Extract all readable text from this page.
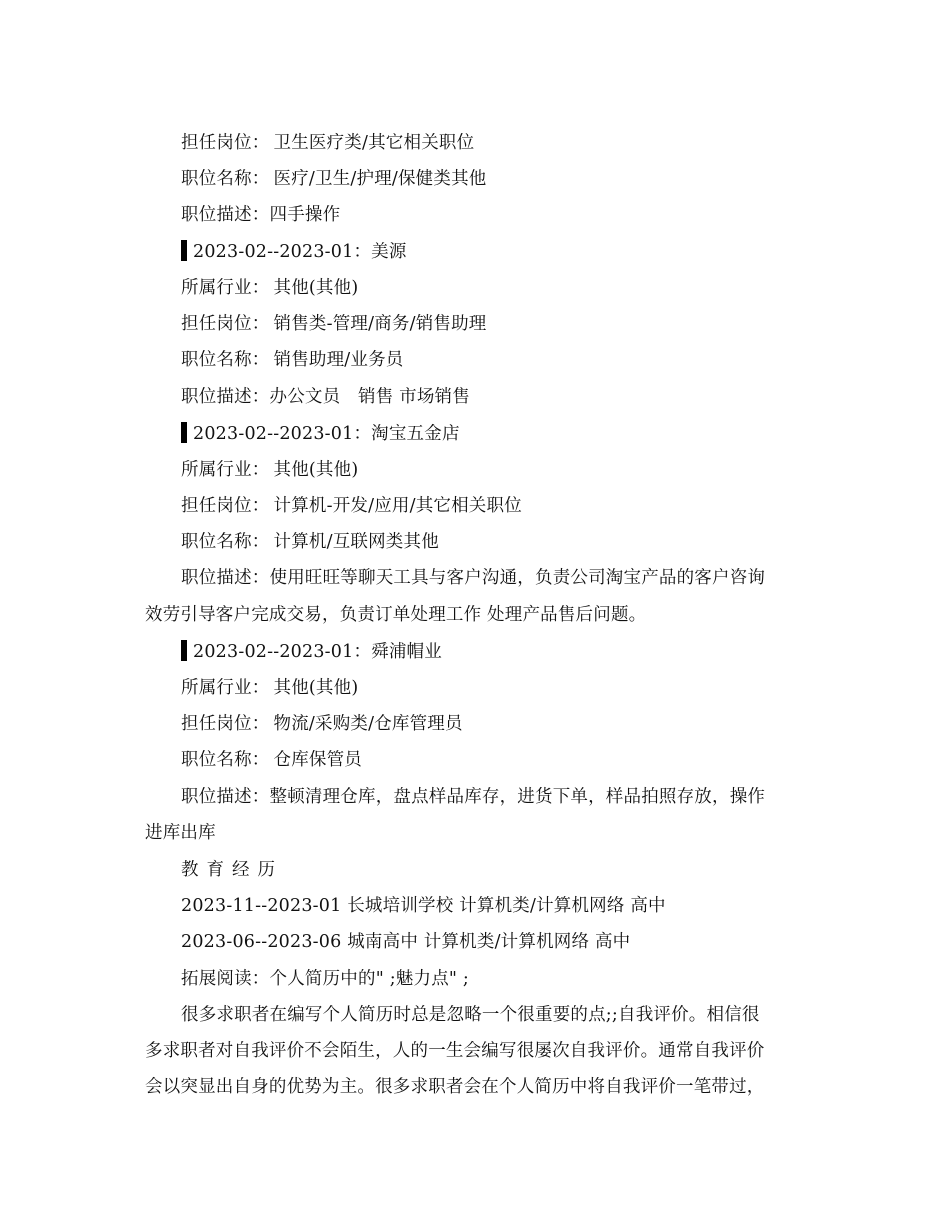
担任岗位： 卫生医疗类/其它相关职位
职位名称： 医疗/卫生/护理/保健类其他
职位描述：四手操作
2023-02--2023-01：美源
所属行业： 其他(其他)
担任岗位： 销售类-管理/商务/销售助理
职位名称： 销售助理/业务员
职位描述：办公文员　销售 市场销售
2023-02--2023-01：淘宝五金店
所属行业： 其他(其他)
担任岗位： 计算机-开发/应用/其它相关职位
职位名称： 计算机/互联网类其他
职位描述：使用旺旺等聊天工具与客户沟通，负责公司淘宝产品的客户咨询
效劳引导客户完成交易，负责订单处理工作 处理产品售后问题。
2023-02--2023-01：舜浦帽业
所属行业： 其他(其他)
担任岗位： 物流/采购类/仓库管理员
职位名称： 仓库保管员
职位描述：整顿清理仓库，盘点样品库存，进货下单，样品拍照存放，操作
进库出库
教育经历
2023-11--2023-01 长城培训学校 计算机类/计算机网络 高中
2023-06--2023-06 城南高中 计算机类/计算机网络 高中
拓展阅读：个人简历中的" ;魅力点" ;
很多求职者在编写个人简历时总是忽略一个很重要的点;;自我评价。相信很
多求职者对自我评价不会陌生，人的一生会编写很屡次自我评价。通常自我评价
会以突显出自身的优势为主。很多求职者会在个人简历中将自我评价一笔带过，
